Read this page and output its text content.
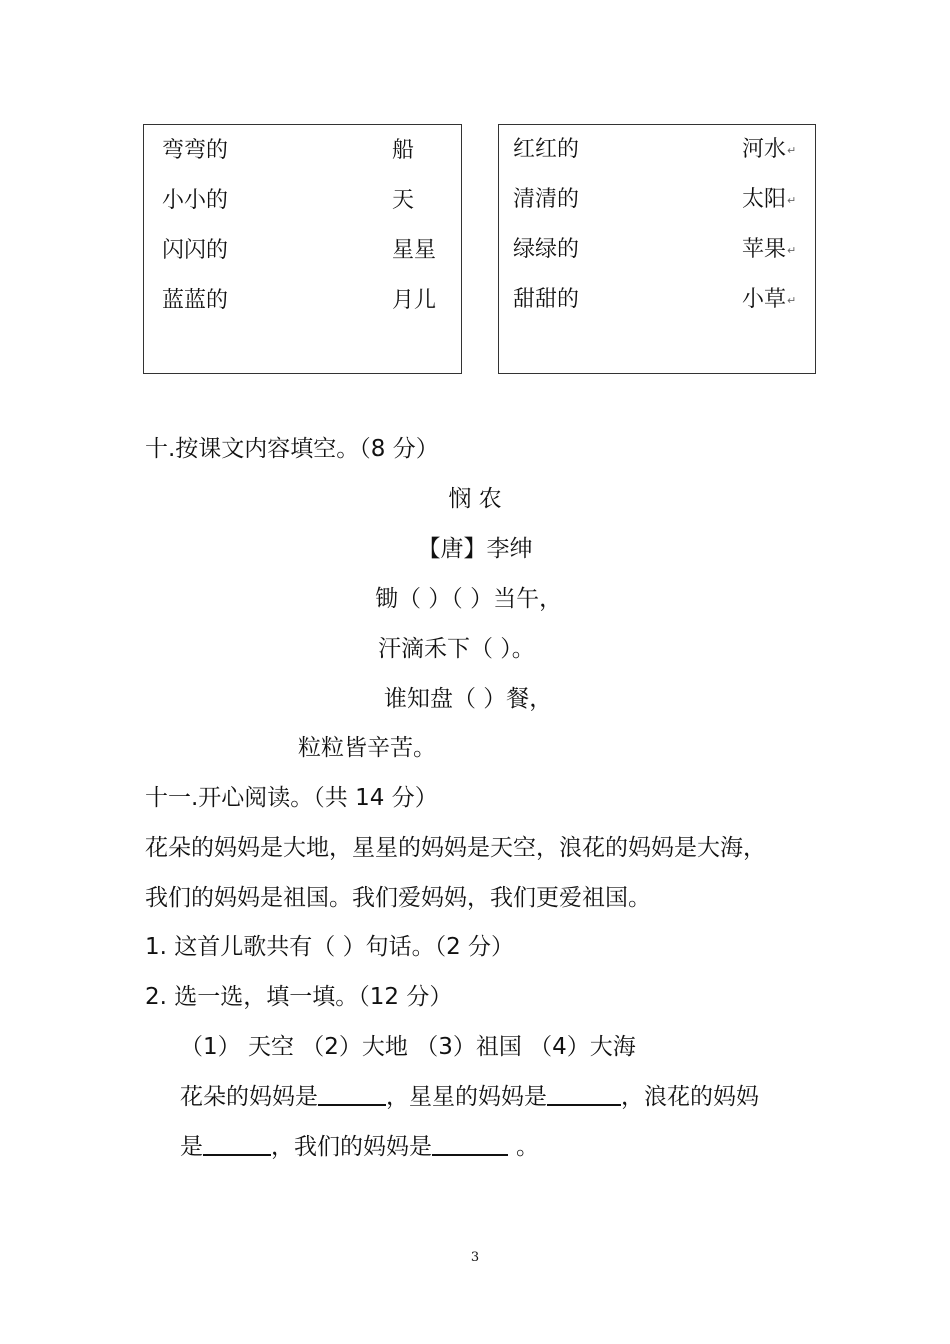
弯弯的	船
小小的	天
闪闪的	星星
蓝蓝的	月儿
红红的	河水↵
清清的	太阳↵
绿绿的	苹果↵
甜甜的	小草↵
十.按课文内容填空。（8 分）
悯 农
【唐】李绅
锄（ ）（ ）当午，
汗滴禾下（ ）。
谁知盘（ ）餐，
粒粒皆辛苦。
十一.开心阅读。（共 14 分）
花朵的妈妈是大地，星星的妈妈是天空，浪花的妈妈是大海，
我们的妈妈是祖国。我们爱妈妈，我们更爱祖国。
1. 这首儿歌共有（ ）句话。（2 分）
2. 选一选，填一填。（12 分）
（1） 天空 （2）大地 （3）祖国 （4）大海
花朵的妈妈是	，星星的妈妈是	，浪花的妈妈
是	，我们的妈妈是	。
3
